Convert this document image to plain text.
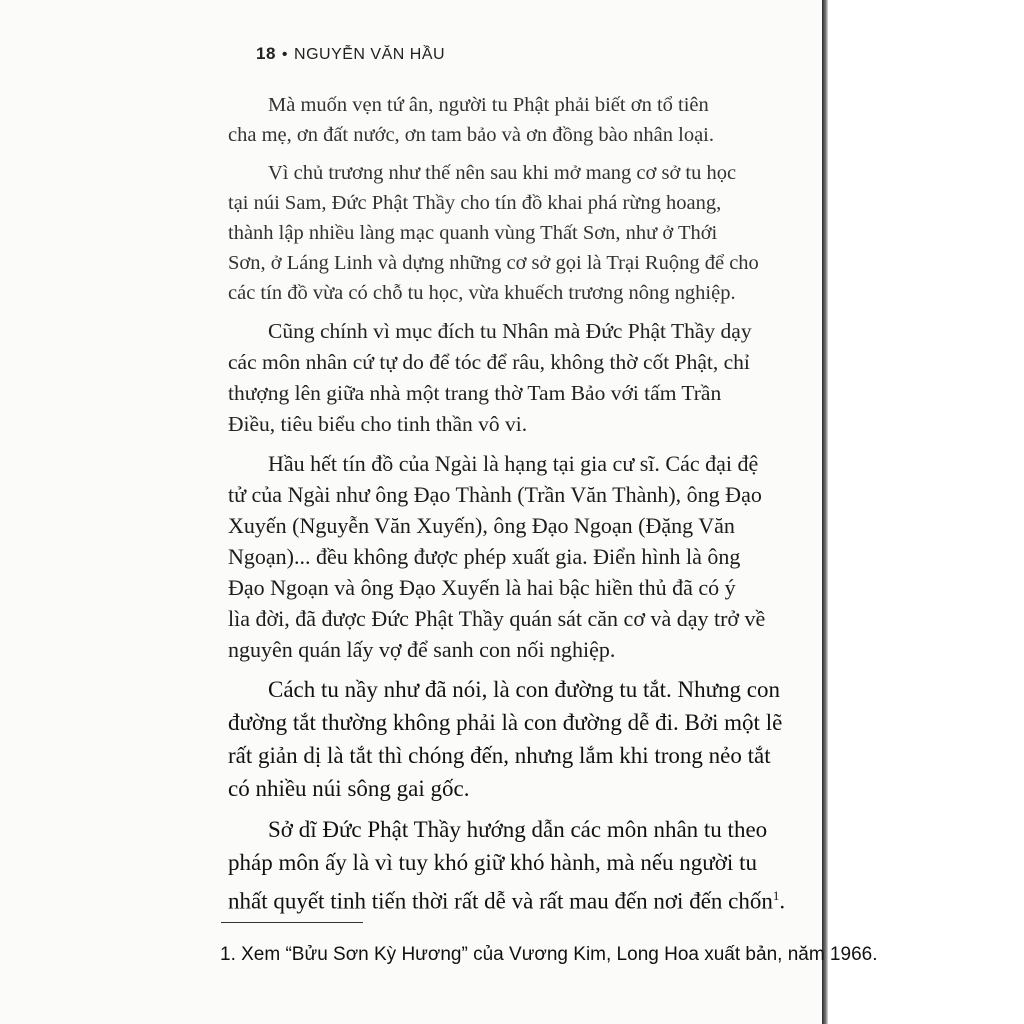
18 • NGUYỄN VĂN HẦU

Mà muốn vẹn tứ ân, người tu Phật phải biết ơn tổ tiên
cha mẹ, ơn đất nước, ơn tam bảo và ơn đồng bào nhân loại.

Vì chủ trương như thế nên sau khi mở mang cơ sở tu học
tại núi Sam, Đức Phật Thầy cho tín đồ khai phá rừng hoang,
thành lập nhiều làng mạc quanh vùng Thất Sơn, như ở Thới
Sơn, ở Láng Linh và dựng những cơ sở gọi là Trại Ruộng để cho
các tín đồ vừa có chỗ tu học, vừa khuếch trương nông nghiệp.

Cũng chính vì mục đích tu Nhân mà Đức Phật Thầy dạy
các môn nhân cứ tự do để tóc để râu, không thờ cốt Phật, chỉ
thượng lên giữa nhà một trang thờ Tam Bảo với tấm Trần
Điều, tiêu biểu cho tinh thần vô vi.

Hầu hết tín đồ của Ngài là hạng tại gia cư sĩ. Các đại đệ
tử của Ngài như ông Đạo Thành (Trần Văn Thành), ông Đạo
Xuyến (Nguyễn Văn Xuyến), ông Đạo Ngoạn (Đặng Văn
Ngoạn)... đều không được phép xuất gia. Điển hình là ông
Đạo Ngoạn và ông Đạo Xuyến là hai bậc hiền thủ đã có ý
lìa đời, đã được Đức Phật Thầy quán sát căn cơ và dạy trở về
nguyên quán lấy vợ để sanh con nối nghiệp.

Cách tu nầy như đã nói, là con đường tu tắt. Nhưng con
đường tắt thường không phải là con đường dễ đi. Bởi một lẽ
rất giản dị là tắt thì chóng đến, nhưng lắm khi trong nẻo tắt
có nhiều núi sông gai gốc.

Sở dĩ Đức Phật Thầy hướng dẫn các môn nhân tu theo
pháp môn ấy là vì tuy khó giữ khó hành, mà nếu người tu
nhất quyết tinh tiến thời rất dễ và rất mau đến nơi đến chốn$^1$.

1. Xem “Bửu Sơn Kỳ Hương” của Vương Kim, Long Hoa xuất bản, năm 1966.
